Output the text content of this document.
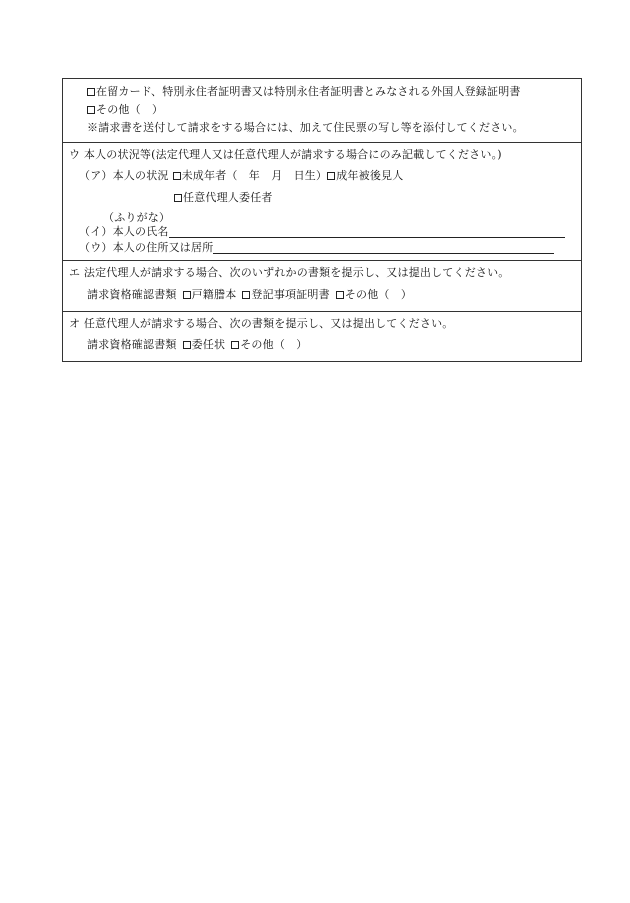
在留カード、特別永住者証明書又は特別永住者証明書とみなされる外国人登録証明書
その他（　）
※請求書を送付して請求をする場合には、加えて住民票の写し等を添付してください。
ウ 本人の状況等(法定代理人又は任意代理人が請求する場合にのみ記載してください。)
（ア）本人の状況 未成年者（　年　月　日生） 成年被後見人
任意代理人委任者
（ふりがな）
（イ）本人の氏名
（ウ）本人の住所又は居所
エ 法定代理人が請求する場合、次のいずれかの書類を提示し、又は提出してください。
請求資格確認書類 戸籍謄本 登記事項証明書 その他（　）
オ 任意代理人が請求する場合、次の書類を提示し、又は提出してください。
請求資格確認書類 委任状 その他（　）
